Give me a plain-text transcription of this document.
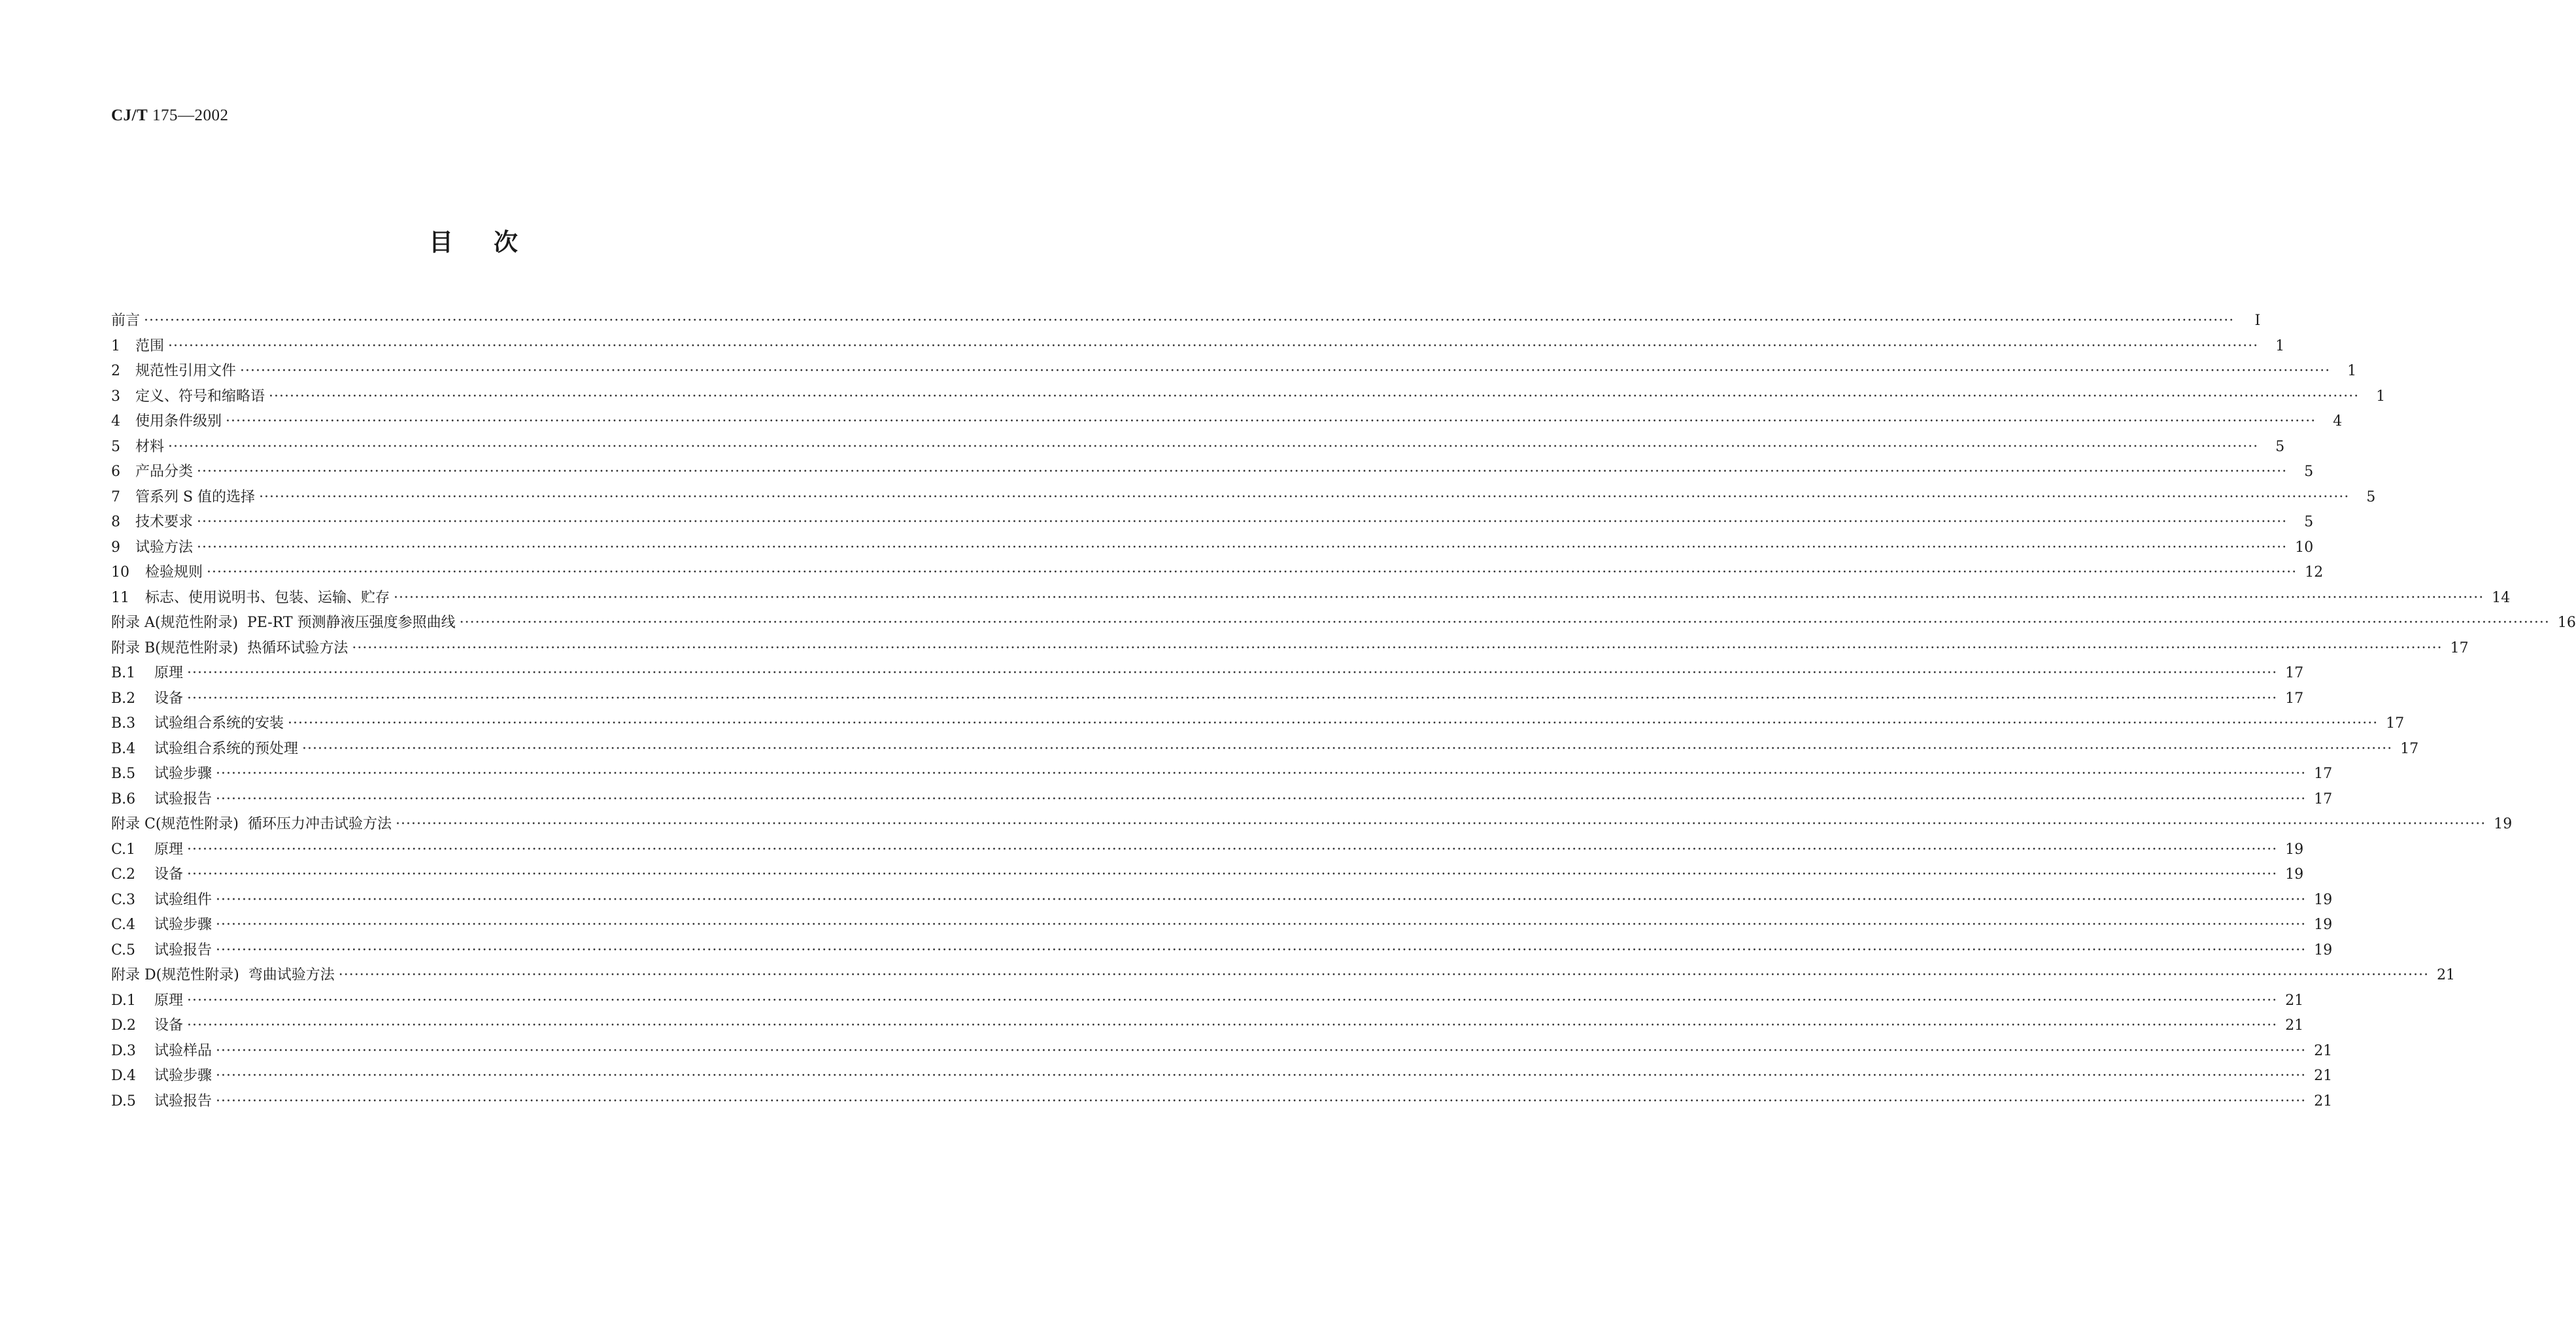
CJ/T 175—2002
目次
前言 ················································································································································································································································································································································································································	Ⅰ
1	范围 ················································································································································································································································································································································································································	1
2	规范性引用文件 ················································································································································································································································································································································································································	1
3	定义、符号和缩略语 ················································································································································································································································································································································································································	1
4	使用条件级别 ················································································································································································································································································································································································································	4
5	材料 ················································································································································································································································································································································································································	5
6	产品分类 ················································································································································································································································································································································································································	5
7	管系列 S 值的选择 ················································································································································································································································································································································································································	5
8	技术要求 ················································································································································································································································································································································································································	5
9	试验方法 ················································································································································································································································································································································································································ 10
10	检验规则 ················································································································································································································································································································································································································ 12
11	标志、使用说明书、包装、运输、贮存 ················································································································································································································································································································································································································ 14
附录 A(规范性附录)  PE-RT 预测静液压强度参照曲线 ················································································································································································································································································································································································································ 16
附录 B(规范性附录)  热循环试验方法 ················································································································································································································································································································································································································ 17
B.1	原理 ················································································································································································································································································································································································································ 17
B.2	设备 ················································································································································································································································································································································································································ 17
B.3	试验组合系统的安装 ················································································································································································································································································································································································································ 17
B.4	试验组合系统的预处理 ················································································································································································································································································································································································································ 17
B.5	试验步骤 ················································································································································································································································································································································································································ 17
B.6	试验报告 ················································································································································································································································································································································································································ 17
附录 C(规范性附录)  循环压力冲击试验方法 ················································································································································································································································································································································································································ 19
C.1	原理 ················································································································································································································································································································································································································ 19
C.2	设备 ················································································································································································································································································································································································································ 19
C.3	试验组件 ················································································································································································································································································································································································································ 19
C.4	试验步骤 ················································································································································································································································································································································································································ 19
C.5	试验报告 ················································································································································································································································································································································································································ 19
附录 D(规范性附录)  弯曲试验方法 ················································································································································································································································································································································································································ 21
D.1	原理 ················································································································································································································································································································································································································ 21
D.2	设备 ················································································································································································································································································································································································································ 21
D.3	试验样品 ················································································································································································································································································································································································································ 21
D.4	试验步骤 ················································································································································································································································································································································································································ 21
D.5	试验报告 ················································································································································································································································································································································································································ 21
